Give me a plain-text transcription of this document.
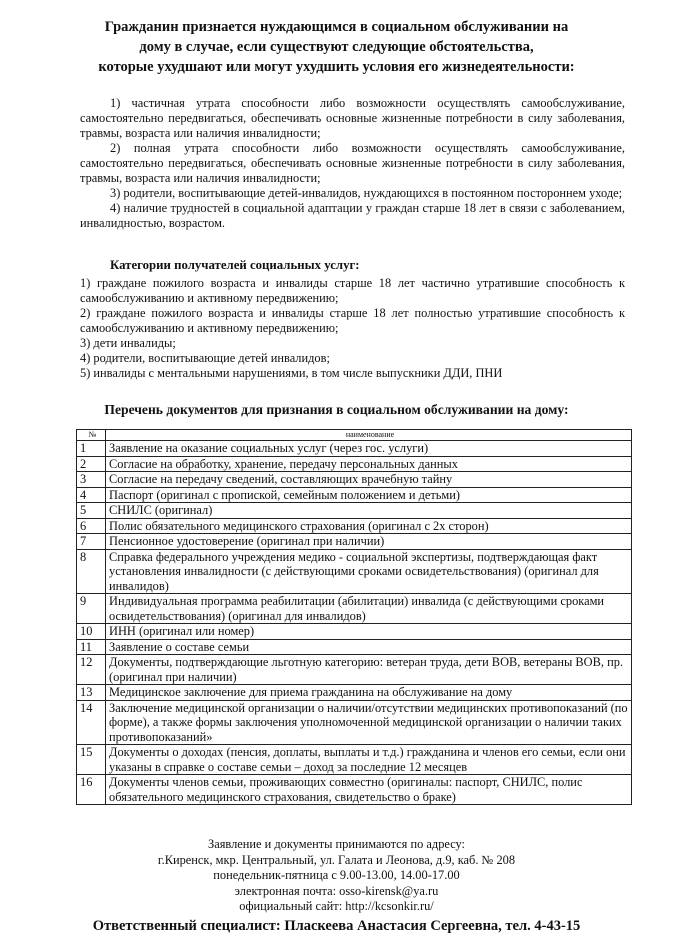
Гражданин признается нуждающимся в социальном обслуживании на
дому в случае, если существуют следующие обстоятельства,
которые ухудшают или могут ухудшить условия его жизнедеятельности:

1) частичная утрата способности либо возможности осуществлять самообслуживание, самостоятельно передвигаться, обеспечивать основные жизненные потребности в силу заболевания, травмы, возраста или наличия инвалидности;

2) полная утрата способности либо возможности осуществлять самообслуживание, самостоятельно передвигаться, обеспечивать основные жизненные потребности в силу заболевания, травмы, возраста или наличия инвалидности;

3) родители, воспитывающие детей-инвалидов, нуждающихся в постоянном постороннем уходе;

4) наличие трудностей в социальной адаптации у граждан старше 18 лет в связи с заболеванием, инвалидностью, возрастом.

Категории получателей социальных услуг:

1) граждане пожилого возраста и инвалиды старше 18 лет частично утратившие способность к самообслуживанию и активному передвижению;

2) граждане пожилого возраста и инвалиды старше 18 лет полностью утратившие способность к самообслуживанию и активному передвижению;

3) дети инвалиды;

4) родители, воспитывающие детей инвалидов;

5) инвалиды с ментальными нарушениями, в том числе выпускники ДДИ, ПНИ

Перечень документов для признания в социальном обслуживании на дому:
№	наименование
1	Заявление на оказание социальных услуг (через гос. услуги)
2	Согласие на обработку, хранение, передачу персональных данных
3	Согласие на передачу сведений, составляющих врачебную тайну
4	Паспорт (оригинал с пропиской, семейным положением и детьми)
5	СНИЛС (оригинал)
6	Полис обязательного медицинского страхования (оригинал с 2х сторон)
7	Пенсионное удостоверение (оригинал при наличии)
8	Справка федерального учреждения медико - социальной экспертизы, подтверждающая факт установления инвалидности (с действующими сроками освидетельствования) (оригинал для инвалидов)
9	Индивидуальная программа реабилитации (абилитации) инвалида (с действующими сроками освидетельствования) (оригинал для инвалидов)
10	ИНН (оригинал или номер)
11	Заявление о составе семьи
12	Документы, подтверждающие льготную категорию: ветеран труда, дети ВОВ, ветераны ВОВ, пр. (оригинал при наличии)
13	Медицинское заключение для приема гражданина на обслуживание на дому
14	Заключение медицинской организации о наличии/отсутствии медицинских противопоказаний (по форме), а также формы заключения уполномоченной медицинской организации о наличии таких противопоказаний»
15	Документы о доходах (пенсия, доплаты, выплаты и т.д.) гражданина и членов его семьи, если они указаны в справке о составе семьи – доход за последние 12 месяцев
16	Документы членов семьи, проживающих совместно (оригиналы: паспорт, СНИЛС, полис обязательного медицинского страхования, свидетельство о браке)
Заявление и документы принимаются по адресу:
г.Киренск, мкр. Центральный, ул. Галата и Леонова, д.9, каб. № 208
понедельник-пятница с 9.00-13.00, 14.00-17.00
электронная почта: osso-kirensk@ya.ru
официальный сайт: http://kcsonkir.ru/
Ответственный специалист: Пласкеева Анастасия Сергеевна, тел. 4-43-15
